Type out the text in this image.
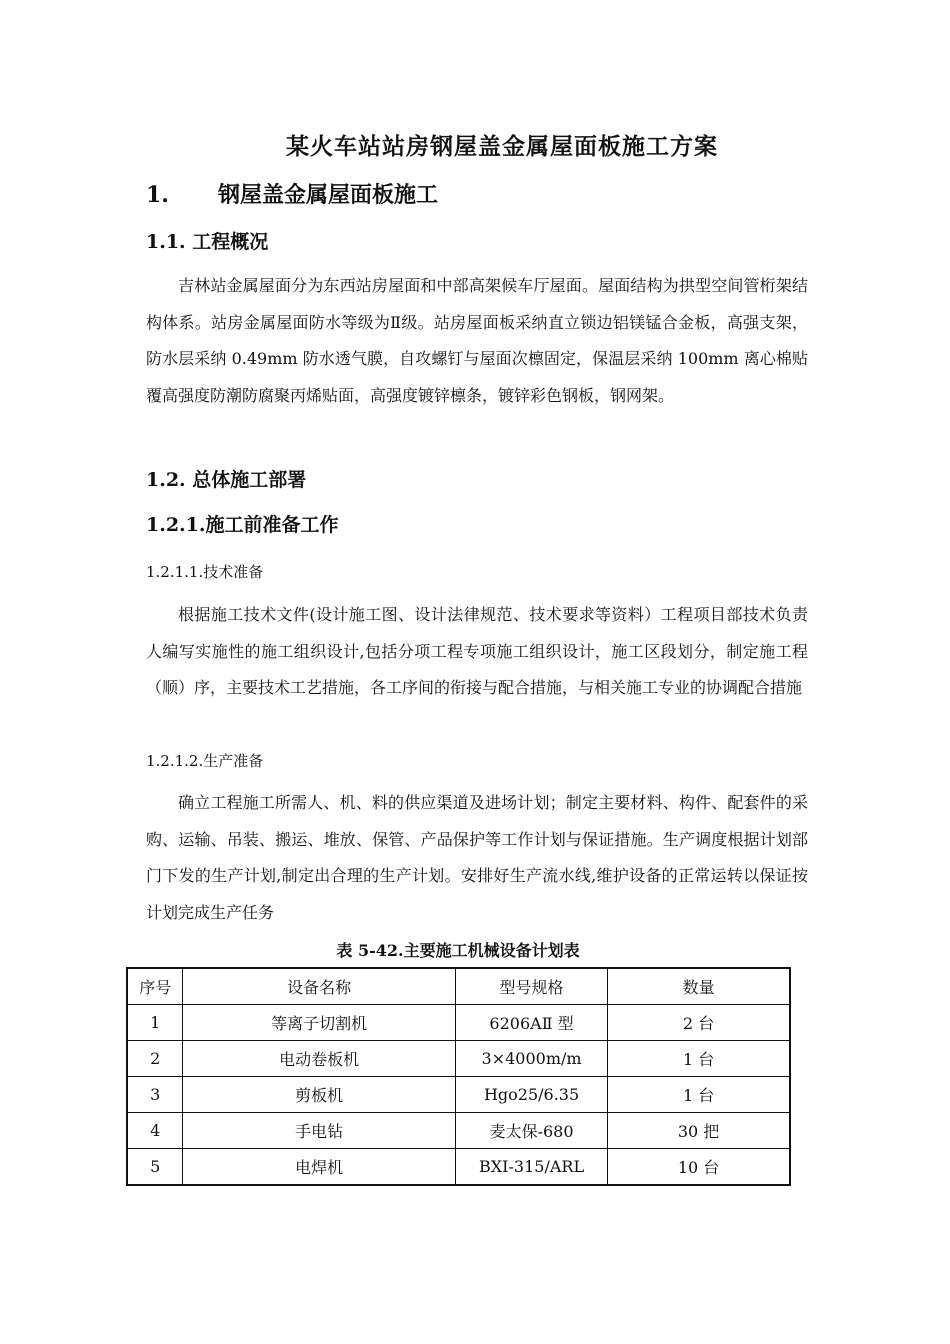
某火车站站房钢屋盖金属屋面板施工方案
1. 钢屋盖金属屋面板施工
1.1. 工程概况
吉林站金属屋面分为东西站房屋面和中部高架候车厅屋面。屋面结构为拱型空间管桁架结构体系。站房金属屋面防水等级为Ⅱ级。站房屋面板采纳直立锁边铝镁锰合金板，高强支架，防水层采纳 0.49mm 防水透气膜，自攻螺钉与屋面次檩固定，保温层采纳 100mm 离心棉贴覆高强度防潮防腐聚丙烯贴面，高强度镀锌檩条，镀锌彩色钢板，钢网架。
1.2. 总体施工部署
1.2.1.施工前准备工作
1.2.1.1.技术准备
根据施工技术文件(设计施工图、设计法律规范、技术要求等资料）工程项目部技术负责人编写实施性的施工组织设计,包括分项工程专项施工组织设计，施工区段划分，制定施工程（顺）序，主要技术工艺措施，各工序间的衔接与配合措施，与相关施工专业的协调配合措施
1.2.1.2.生产准备
确立工程施工所需人、机、料的供应渠道及进场计划；制定主要材料、构件、配套件的采购、运输、吊装、搬运、堆放、保管、产品保护等工作计划与保证措施。生产调度根据计划部门下发的生产计划,制定出合理的生产计划。安排好生产流水线,维护设备的正常运转以保证按计划完成生产任务
表 5-42.主要施工机械设备计划表
序号	设备名称	型号规格	数量
1	等离子切割机	6206AⅡ 型	2 台
2	电动卷板机	3×4000m/m	1 台
3	剪板机	Hgo25/6.35	1 台
4	手电钻	麦太保-680	30 把
5	电焊机	BXI-315/ARL	10 台
